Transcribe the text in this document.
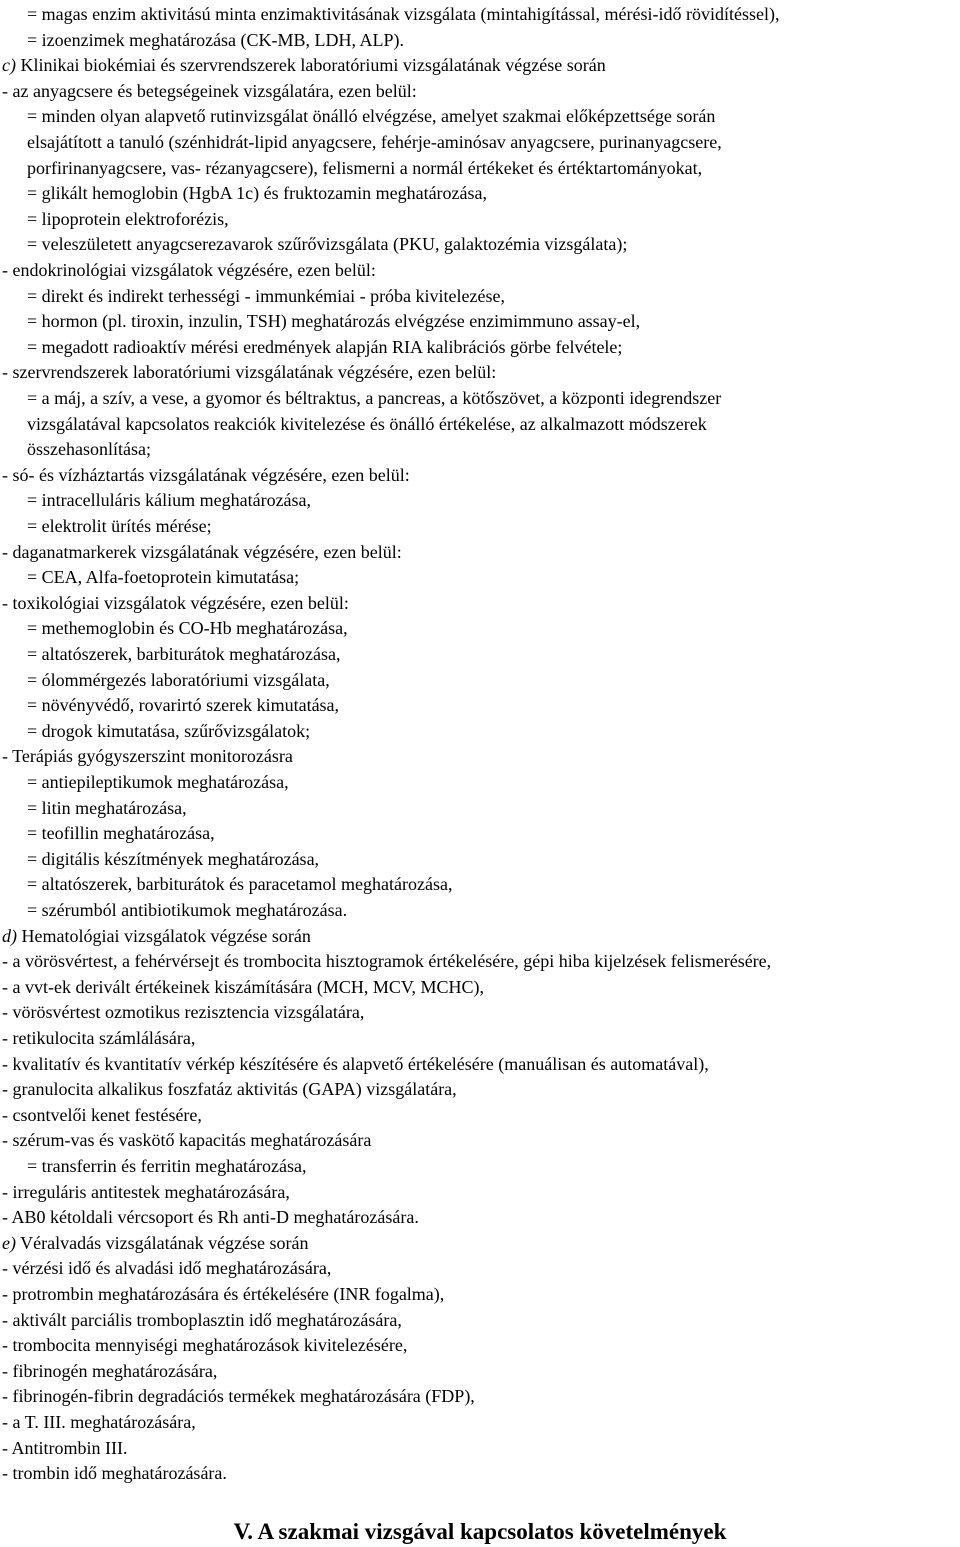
= magas enzim aktivitású minta enzimaktivitásának vizsgálata (mintahigítással, mérési-idő rövidítéssel),
= izoenzimek meghatározása (CK-MB, LDH, ALP).
c) Klinikai biokémiai és szervrendszerek laboratóriumi vizsgálatának végzése során
- az anyagcsere és betegségeinek vizsgálatára, ezen belül:
= minden olyan alapvető rutinvizsgálat önálló elvégzése, amelyet szakmai előképzettsége során
elsajátított a tanuló (szénhidrát-lipid anyagcsere, fehérje-aminósav anyagcsere, purinanyagcsere,
porfirinanyagcsere, vas- rézanyagcsere), felismerni a normál értékeket és értéktartományokat,
= glikált hemoglobin (HgbA 1c) és fruktozamin meghatározása,
= lipoprotein elektroforézis,
= veleszületett anyagcserezavarok szűrővizsgálata (PKU, galaktozémia vizsgálata);
- endokrinológiai vizsgálatok végzésére, ezen belül:
= direkt és indirekt terhességi - immunkémiai - próba kivitelezése,
= hormon (pl. tiroxin, inzulin, TSH) meghatározás elvégzése enzimimmuno assay-el,
= megadott radioaktív mérési eredmények alapján RIA kalibrációs görbe felvétele;
- szervrendszerek laboratóriumi vizsgálatának végzésére, ezen belül:
= a máj, a szív, a vese, a gyomor és béltraktus, a pancreas, a kötőszövet, a központi idegrendszer
vizsgálatával kapcsolatos reakciók kivitelezése és önálló értékelése, az alkalmazott módszerek
összehasonlítása;
- só- és vízháztartás vizsgálatának végzésére, ezen belül:
= intracelluláris kálium meghatározása,
= elektrolit ürítés mérése;
- daganatmarkerek vizsgálatának végzésére, ezen belül:
= CEA, Alfa-foetoprotein kimutatása;
- toxikológiai vizsgálatok végzésére, ezen belül:
= methemoglobin és CO-Hb meghatározása,
= altatószerek, barbiturátok meghatározása,
= ólommérgezés laboratóriumi vizsgálata,
= növényvédő, rovarirtó szerek kimutatása,
= drogok kimutatása, szűrővizsgálatok;
- Terápiás gyógyszerszint monitorozásra
= antiepileptikumok meghatározása,
= litin meghatározása,
= teofillin meghatározása,
= digitális készítmények meghatározása,
= altatószerek, barbiturátok és paracetamol meghatározása,
= szérumból antibiotikumok meghatározása.
d) Hematológiai vizsgálatok végzése során
- a vörösvértest, a fehérvérsejt és trombocita hisztogramok értékelésére, gépi hiba kijelzések felismerésére,
- a vvt-ek derivált értékeinek kiszámítására (MCH, MCV, MCHC),
- vörösvértest ozmotikus rezisztencia vizsgálatára,
- retikulocita számlálására,
- kvalitatív és kvantitatív vérkép készítésére és alapvető értékelésére (manuálisan és automatával),
- granulocita alkalikus foszfatáz aktivitás (GAPA) vizsgálatára,
- csontvelői kenet festésére,
- szérum-vas és vaskötő kapacitás meghatározására
= transferrin és ferritin meghatározása,
- irreguláris antitestek meghatározására,
- AB0 kétoldali vércsoport és Rh anti-D meghatározására.
e) Véralvadás vizsgálatának végzése során
- vérzési idő és alvadási idő meghatározására,
- protrombin meghatározására és értékelésére (INR fogalma),
- aktivált parciális tromboplasztin idő meghatározására,
- trombocita mennyiségi meghatározások kivitelezésére,
- fibrinogén meghatározására,
- fibrinogén-fibrin degradációs termékek meghatározására (FDP),
- a T. III. meghatározására,
- Antitrombin III.
- trombin idő meghatározására.
V. A szakmai vizsgával kapcsolatos követelmények
